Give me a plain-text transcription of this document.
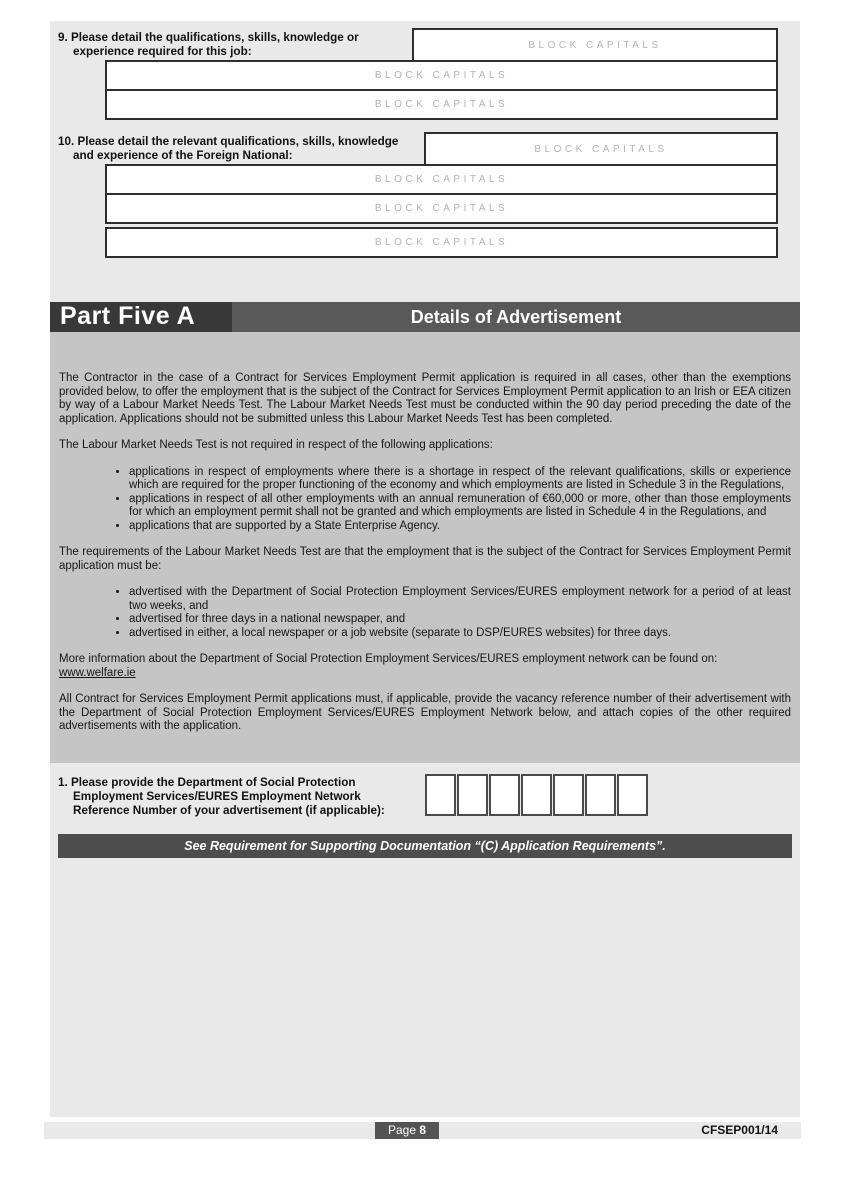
9. Please detail the qualifications, skills, knowledge or experience required for this job:
BLOCK CAPITALS
BLOCK CAPITALS
BLOCK CAPITALS
10. Please detail the relevant qualifications, skills, knowledge and experience of the Foreign National:
BLOCK CAPITALS
BLOCK CAPITALS
BLOCK CAPITALS
BLOCK CAPITALS
Part Five A	Details of Advertisement

The Contractor in the case of a Contract for Services Employment Permit application is required in all cases, other than the exemptions provided below, to offer the employment that is the subject of the Contract for Services Employment Permit application to an Irish or EEA citizen by way of a Labour Market Needs Test. The Labour Market Needs Test must be conducted within the 90 day period preceding the date of the application. Applications should not be submitted unless this Labour Market Needs Test has been completed.

The Labour Market Needs Test is not required in respect of the following applications:

• applications in respect of employments where there is a shortage in respect of the relevant qualifications, skills or experience which are required for the proper functioning of the economy and which employments are listed in Schedule 3 in the Regulations,
• applications in respect of all other employments with an annual remuneration of €60,000 or more, other than those employments for which an employment permit shall not be granted and which employments are listed in Schedule 4 in the Regulations, and
• applications that are supported by a State Enterprise Agency.

The requirements of the Labour Market Needs Test are that the employment that is the subject of the Contract for Services Employment Permit application must be:

• advertised with the Department of Social Protection Employment Services/EURES employment network for a period of at least two weeks, and
• advertised for three days in a national newspaper, and
• advertised in either, a local newspaper or a job website (separate to DSP/EURES websites) for three days.

More information about the Department of Social Protection Employment Services/EURES employment network can be found on:
www.welfare.ie

All Contract for Services Employment Permit applications must, if applicable, provide the vacancy reference number of their advertisement with the Department of Social Protection Employment Services/EURES Employment Network below, and attach copies of the other required advertisements with the application.

1. Please provide the Department of Social Protection Employment Services/EURES Employment Network Reference Number of your advertisement (if applicable):
See Requirement for Supporting Documentation “(C) Application Requirements”.
Page 8	CFSEP001/14
